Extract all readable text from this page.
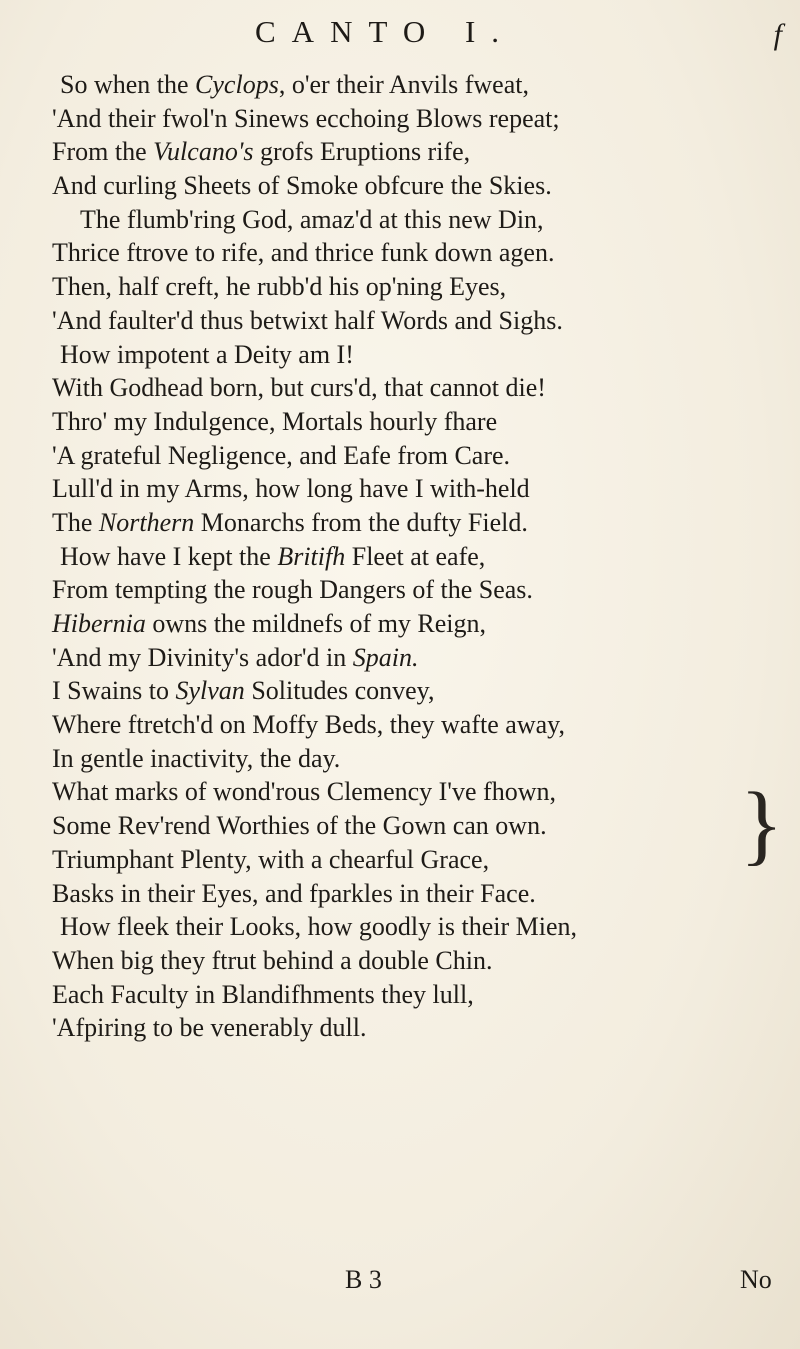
CANTO I.	f
So when the Cyclops, o'er their Anvils fweat,
'And their fwol'n Sinews ecchoing Blows repeat;
From the Vulcano's grofs Eruptions rife,
And curling Sheets of Smoke obfcure the Skies.
The flumb'ring God, amaz'd at this new Din,
Thrice ftrove to rife, and thrice funk down agen.
Then, half creft, he rubb'd his op'ning Eyes,
'And faulter'd thus betwixt half Words and Sighs.
How impotent a Deity am I!
With Godhead born, but curs'd, that cannot die!
Thro' my Indulgence, Mortals hourly fhare
'A grateful Negligence, and Eafe from Care.
Lull'd in my Arms, how long have I with-held
The Northern Monarchs from the dufty Field.
How have I kept the Britifh Fleet at eafe,
From tempting the rough Dangers of the Seas.
Hibernia owns the mildnefs of my Reign,
'And my Divinity's ador'd in Spain.
I Swains to Sylvan Solitudes convey,
Where ftretch'd on Moffy Beds, they wafte away,
In gentle inactivity, the day.
What marks of wond'rous Clemency I've fhown,
Some Rev'rend Worthies of the Gown can own.
Triumphant Plenty, with a chearful Grace,
Basks in their Eyes, and fparkles in their Face.
How fleek their Looks, how goodly is their Mien,
When big they ftrut behind a double Chin.
Each Faculty in Blandifhments they lull,
'Afpiring to be venerably dull.
}
B 3	No
